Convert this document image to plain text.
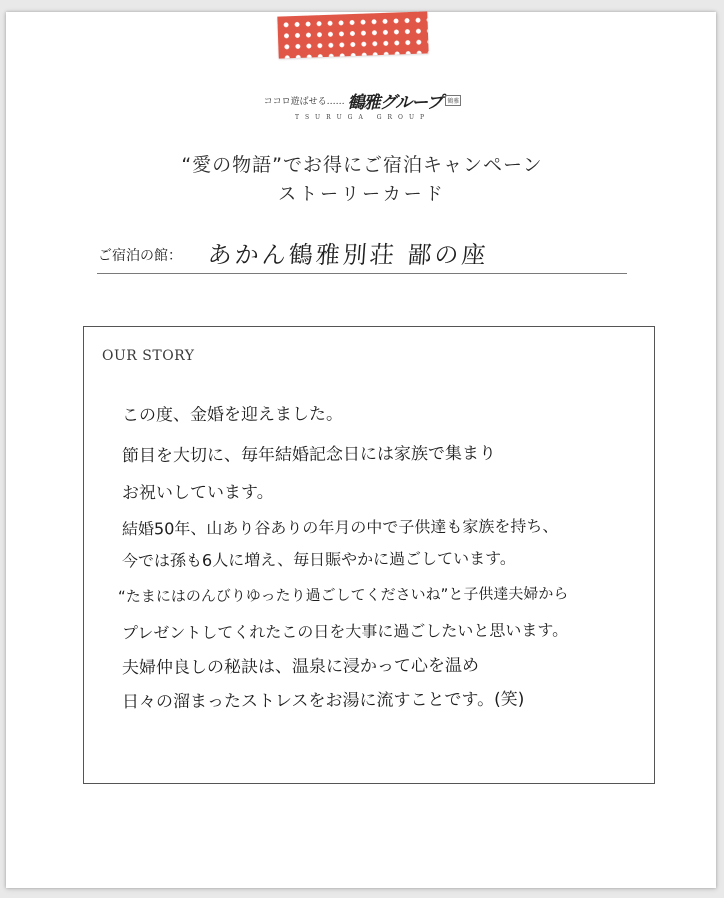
ココロ遊ばせる…… 鶴雅グループ 鶴雅
TSURUGA GROUP
“愛の物語”でお得にご宿泊キャンペーン
ストーリーカード
ご宿泊の館： あかん鶴雅別荘 鄙の座
OUR STORY
この度、金婚を迎えました。
節目を大切に、毎年結婚記念日には家族で集まり
お祝いしています。
結婚50年、山あり谷ありの年月の中で子供達も家族を持ち、
今では孫も6人に増え、毎日賑やかに過ごしています。
“たまにはのんびりゆったり過ごしてくださいね”と子供達夫婦から
プレゼントしてくれたこの日を大事に過ごしたいと思います。
夫婦仲良しの秘訣は、温泉に浸かって心を温め
日々の溜まったストレスをお湯に流すことです。(笑)
